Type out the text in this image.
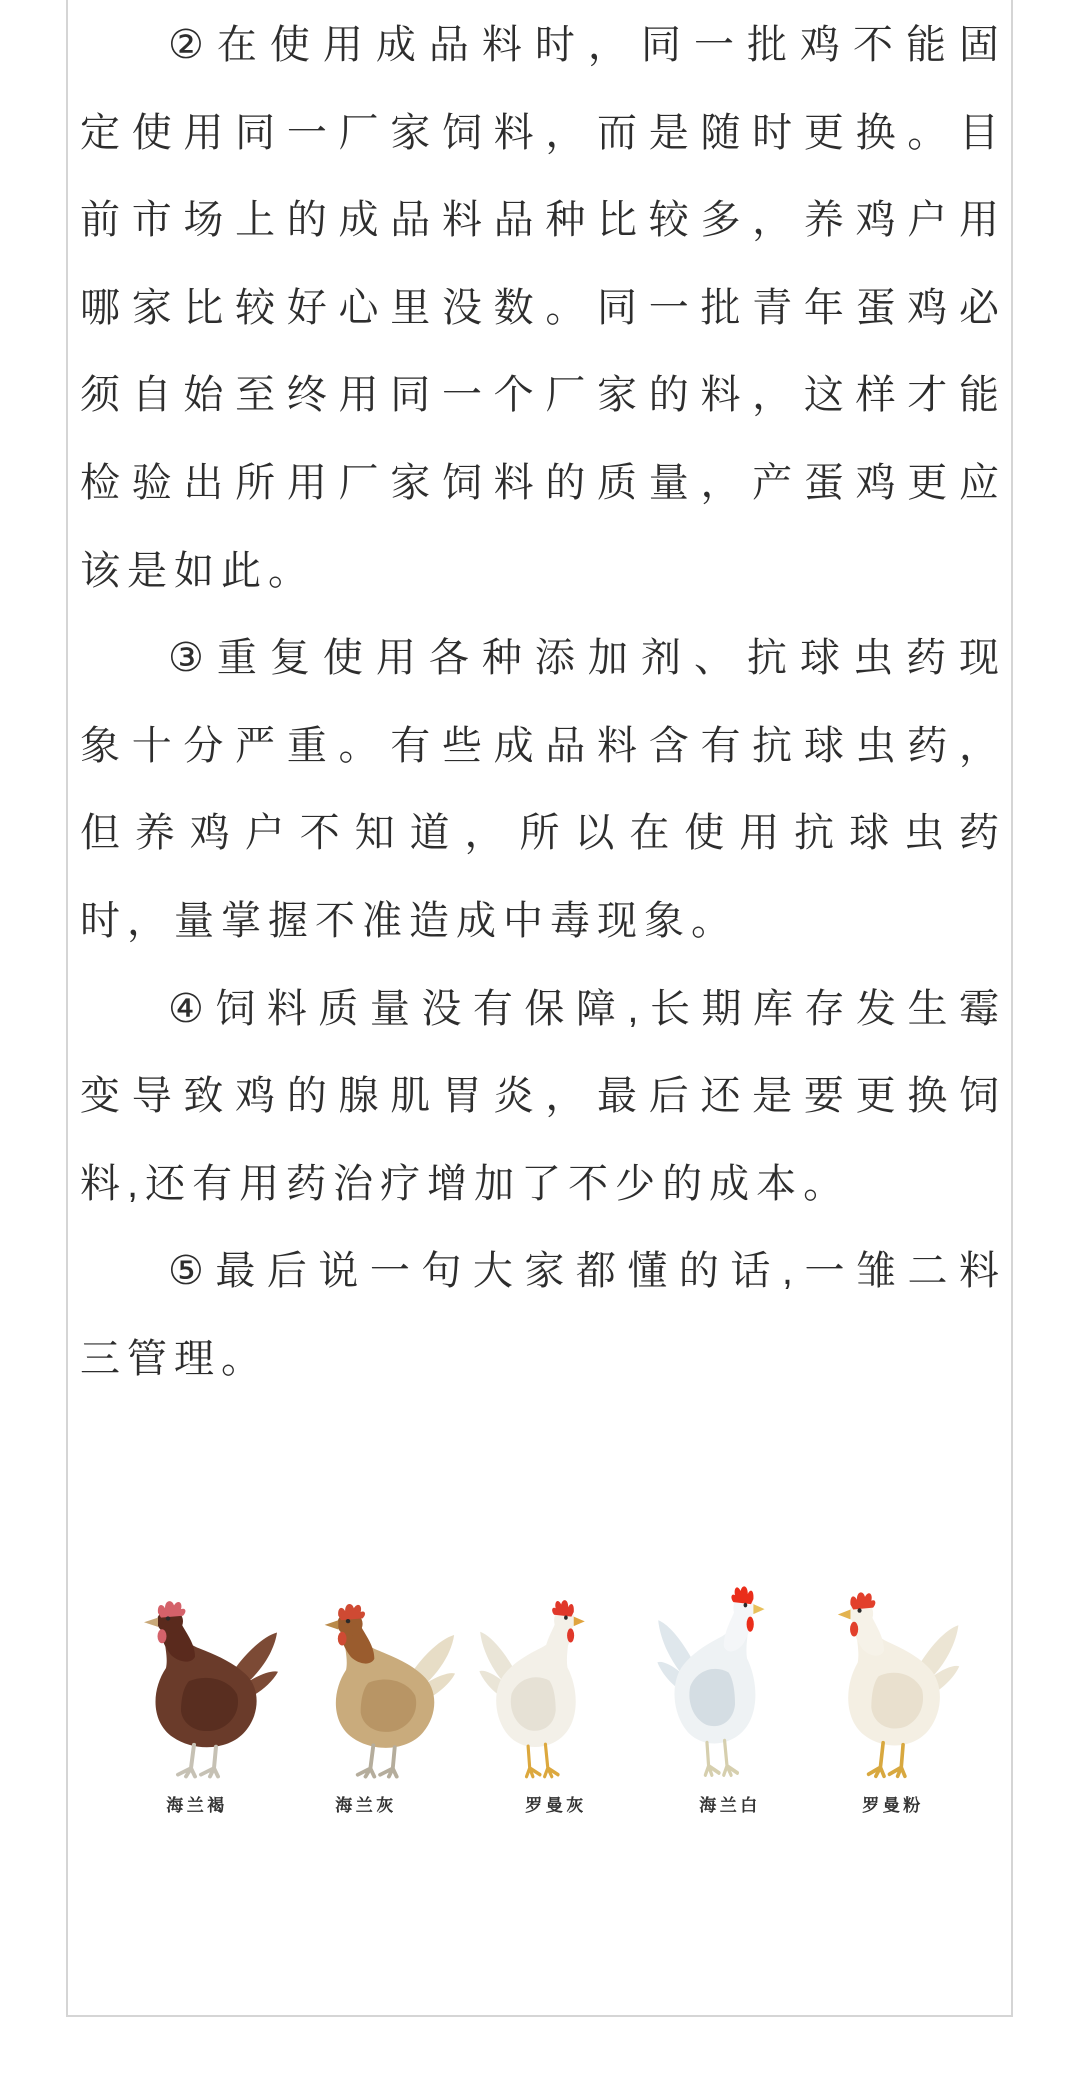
②在使用成品料时，同一批鸡不能固
定使用同一厂家饲料，而是随时更换。目
前市场上的成品料品种比较多，养鸡户用
哪家比较好心里没数。同一批青年蛋鸡必
须自始至终用同一个厂家的料，这样才能
检验出所用厂家饲料的质量，产蛋鸡更应
该是如此。
③重复使用各种添加剂、抗球虫药现
象十分严重。有些成品料含有抗球虫药，
但养鸡户不知道，所以在使用抗球虫药
时，量掌握不准造成中毒现象。
④饲料质量没有保障,长期库存发生霉
变导致鸡的腺肌胃炎，最后还是要更换饲
料,还有用药治疗增加了不少的成本。
⑤最后说一句大家都懂的话,一雏二料
三管理。
海兰褐	海兰灰	罗曼灰	海兰白	罗曼粉
